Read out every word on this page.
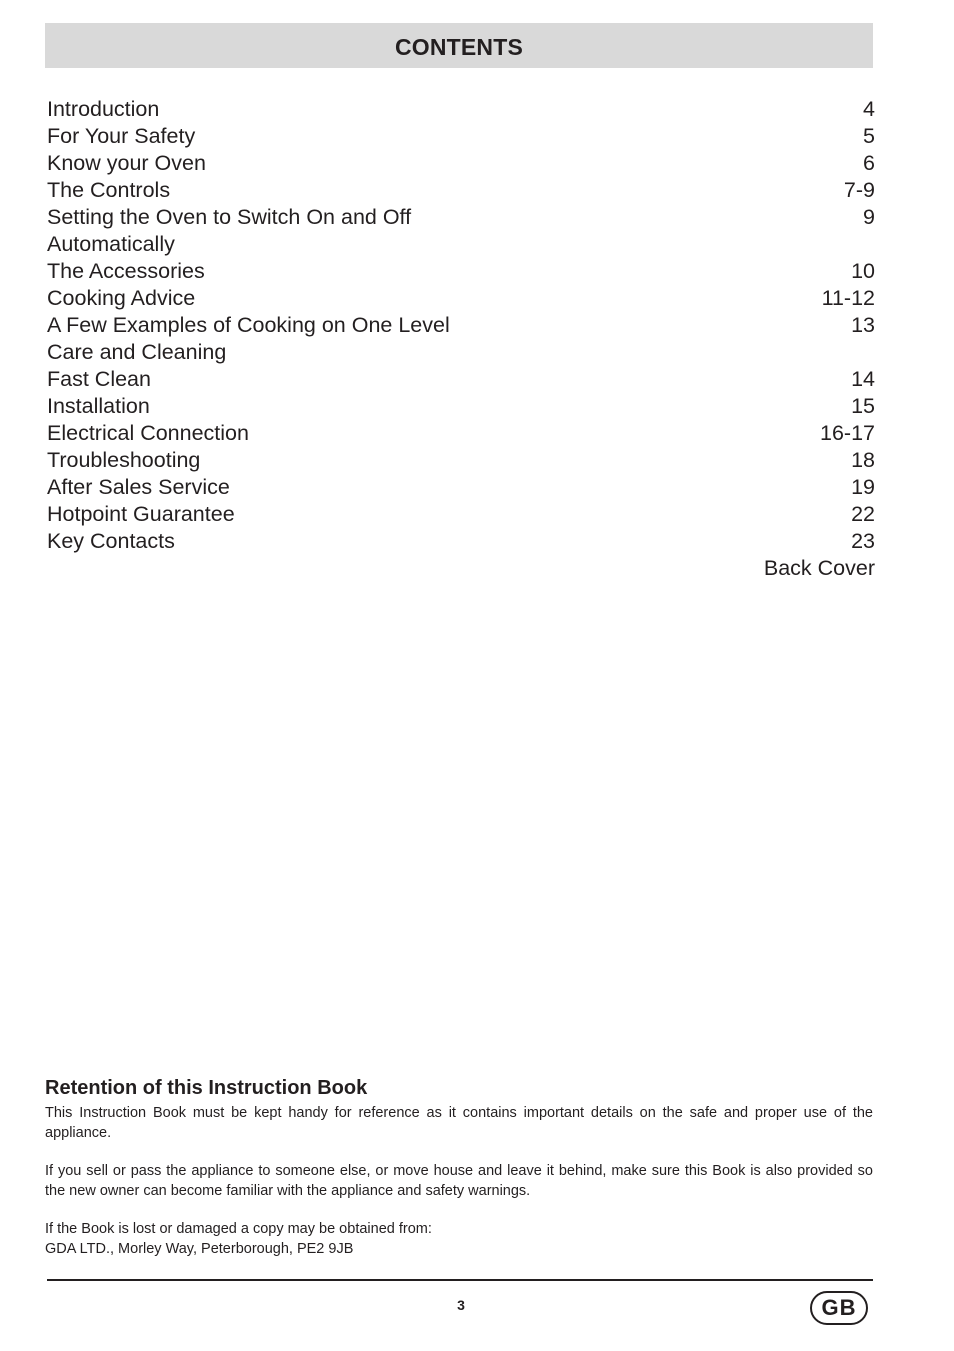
CONTENTS
Introduction	4
For Your Safety	5
Know your Oven	6
The Controls	7-9
Setting the Oven to Switch On and Off	9
Automatically
The Accessories	10
Cooking Advice	11-12
A Few Examples of Cooking on One Level	13
Care and Cleaning
Fast Clean	14
Installation	15
Electrical Connection	16-17
Troubleshooting	18
After Sales Service	19
Hotpoint Guarantee	22
Key Contacts	23
Back Cover
Retention of this Instruction Book

This Instruction Book must be kept handy for reference as it contains important details on the safe and proper use of the appliance.

If you sell or pass the appliance to someone else, or move house and leave it behind, make sure this Book is also provided so the new owner can become familiar with the appliance and safety warnings.

If the Book is lost or damaged a copy may be obtained from:
GDA LTD., Morley Way, Peterborough, PE2 9JB

3	GB
